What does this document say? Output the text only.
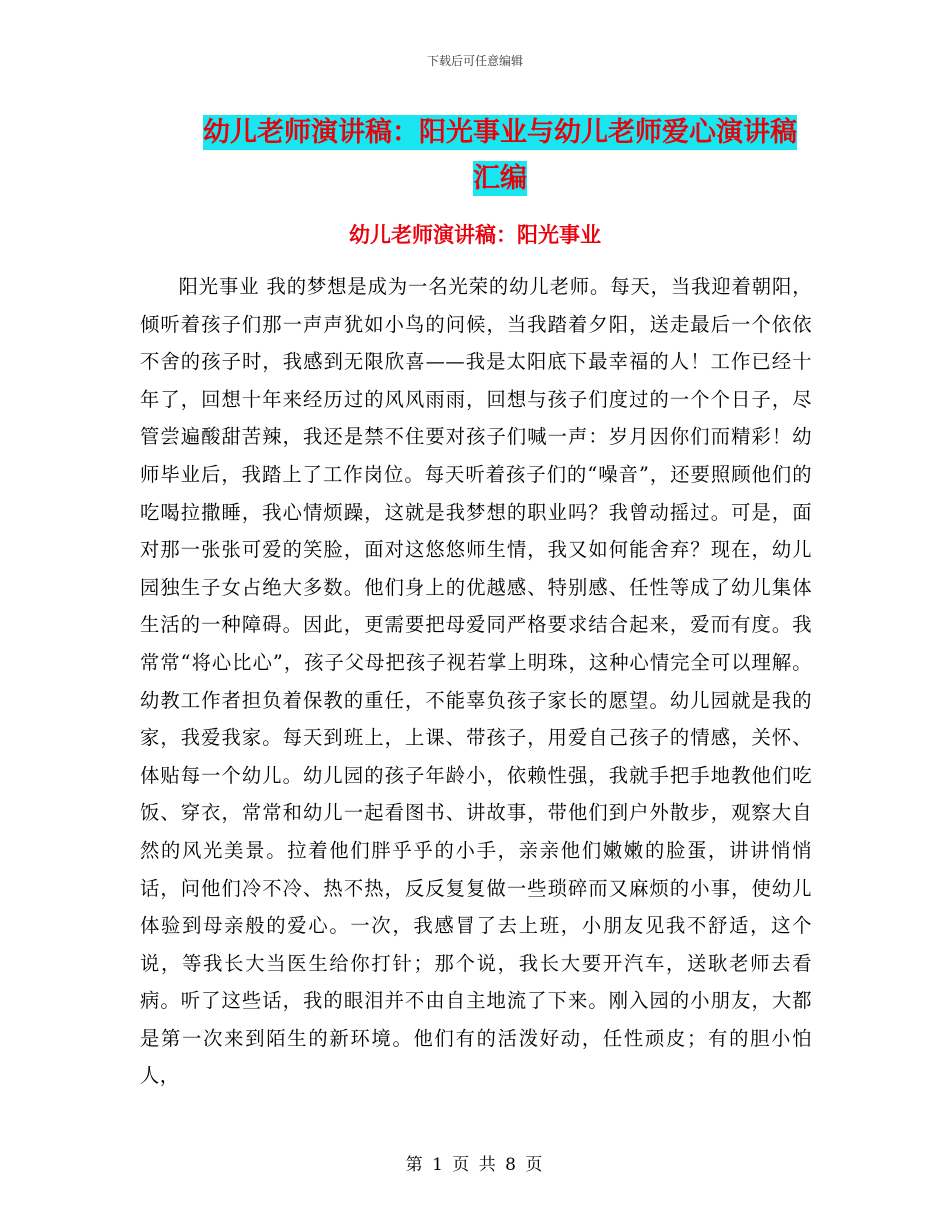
下载后可任意编辑
幼儿老师演讲稿：阳光事业与幼儿老师爱心演讲稿汇编
幼儿老师演讲稿：阳光事业

阳光事业 我的梦想是成为一名光荣的幼儿老师。每天，当我迎着朝阳，倾听着孩子们那一声声犹如小鸟的问候，当我踏着夕阳，送走最后一个依依不舍的孩子时，我感到无限欣喜——我是太阳底下最幸福的人！工作已经十年了，回想十年来经历过的风风雨雨，回想与孩子们度过的一个个日子，尽管尝遍酸甜苦辣，我还是禁不住要对孩子们喊一声：岁月因你们而精彩！幼师毕业后，我踏上了工作岗位。每天听着孩子们的“噪音”，还要照顾他们的吃喝拉撒睡，我心情烦躁，这就是我梦想的职业吗？我曾动摇过。可是，面对那一张张可爱的笑脸，面对这悠悠师生情，我又如何能舍弃？现在，幼儿园独生子女占绝大多数。他们身上的优越感、特别感、任性等成了幼儿集体生活的一种障碍。因此，更需要把母爱同严格要求结合起来，爱而有度。我常常“将心比心”，孩子父母把孩子视若掌上明珠，这种心情完全可以理解。幼教工作者担负着保教的重任，不能辜负孩子家长的愿望。幼儿园就是我的家，我爱我家。每天到班上，上课、带孩子，用爱自己孩子的情感，关怀、体贴每一个幼儿。幼儿园的孩子年龄小，依赖性强，我就手把手地教他们吃饭、穿衣，常常和幼儿一起看图书、讲故事，带他们到户外散步，观察大自然的风光美景。拉着他们胖乎乎的小手，亲亲他们嫩嫩的脸蛋，讲讲悄悄话，问他们冷不冷、热不热，反反复复做一些琐碎而又麻烦的小事，使幼儿体验到母亲般的爱心。一次，我感冒了去上班，小朋友见我不舒适，这个说，等我长大当医生给你打针；那个说，我长大要开汽车，送耿老师去看病。听了这些话，我的眼泪并不由自主地流了下来。刚入园的小朋友，大都是第一次来到陌生的新环境。他们有的活泼好动，任性顽皮；有的胆小怕人，

第 1 页 共 8 页
